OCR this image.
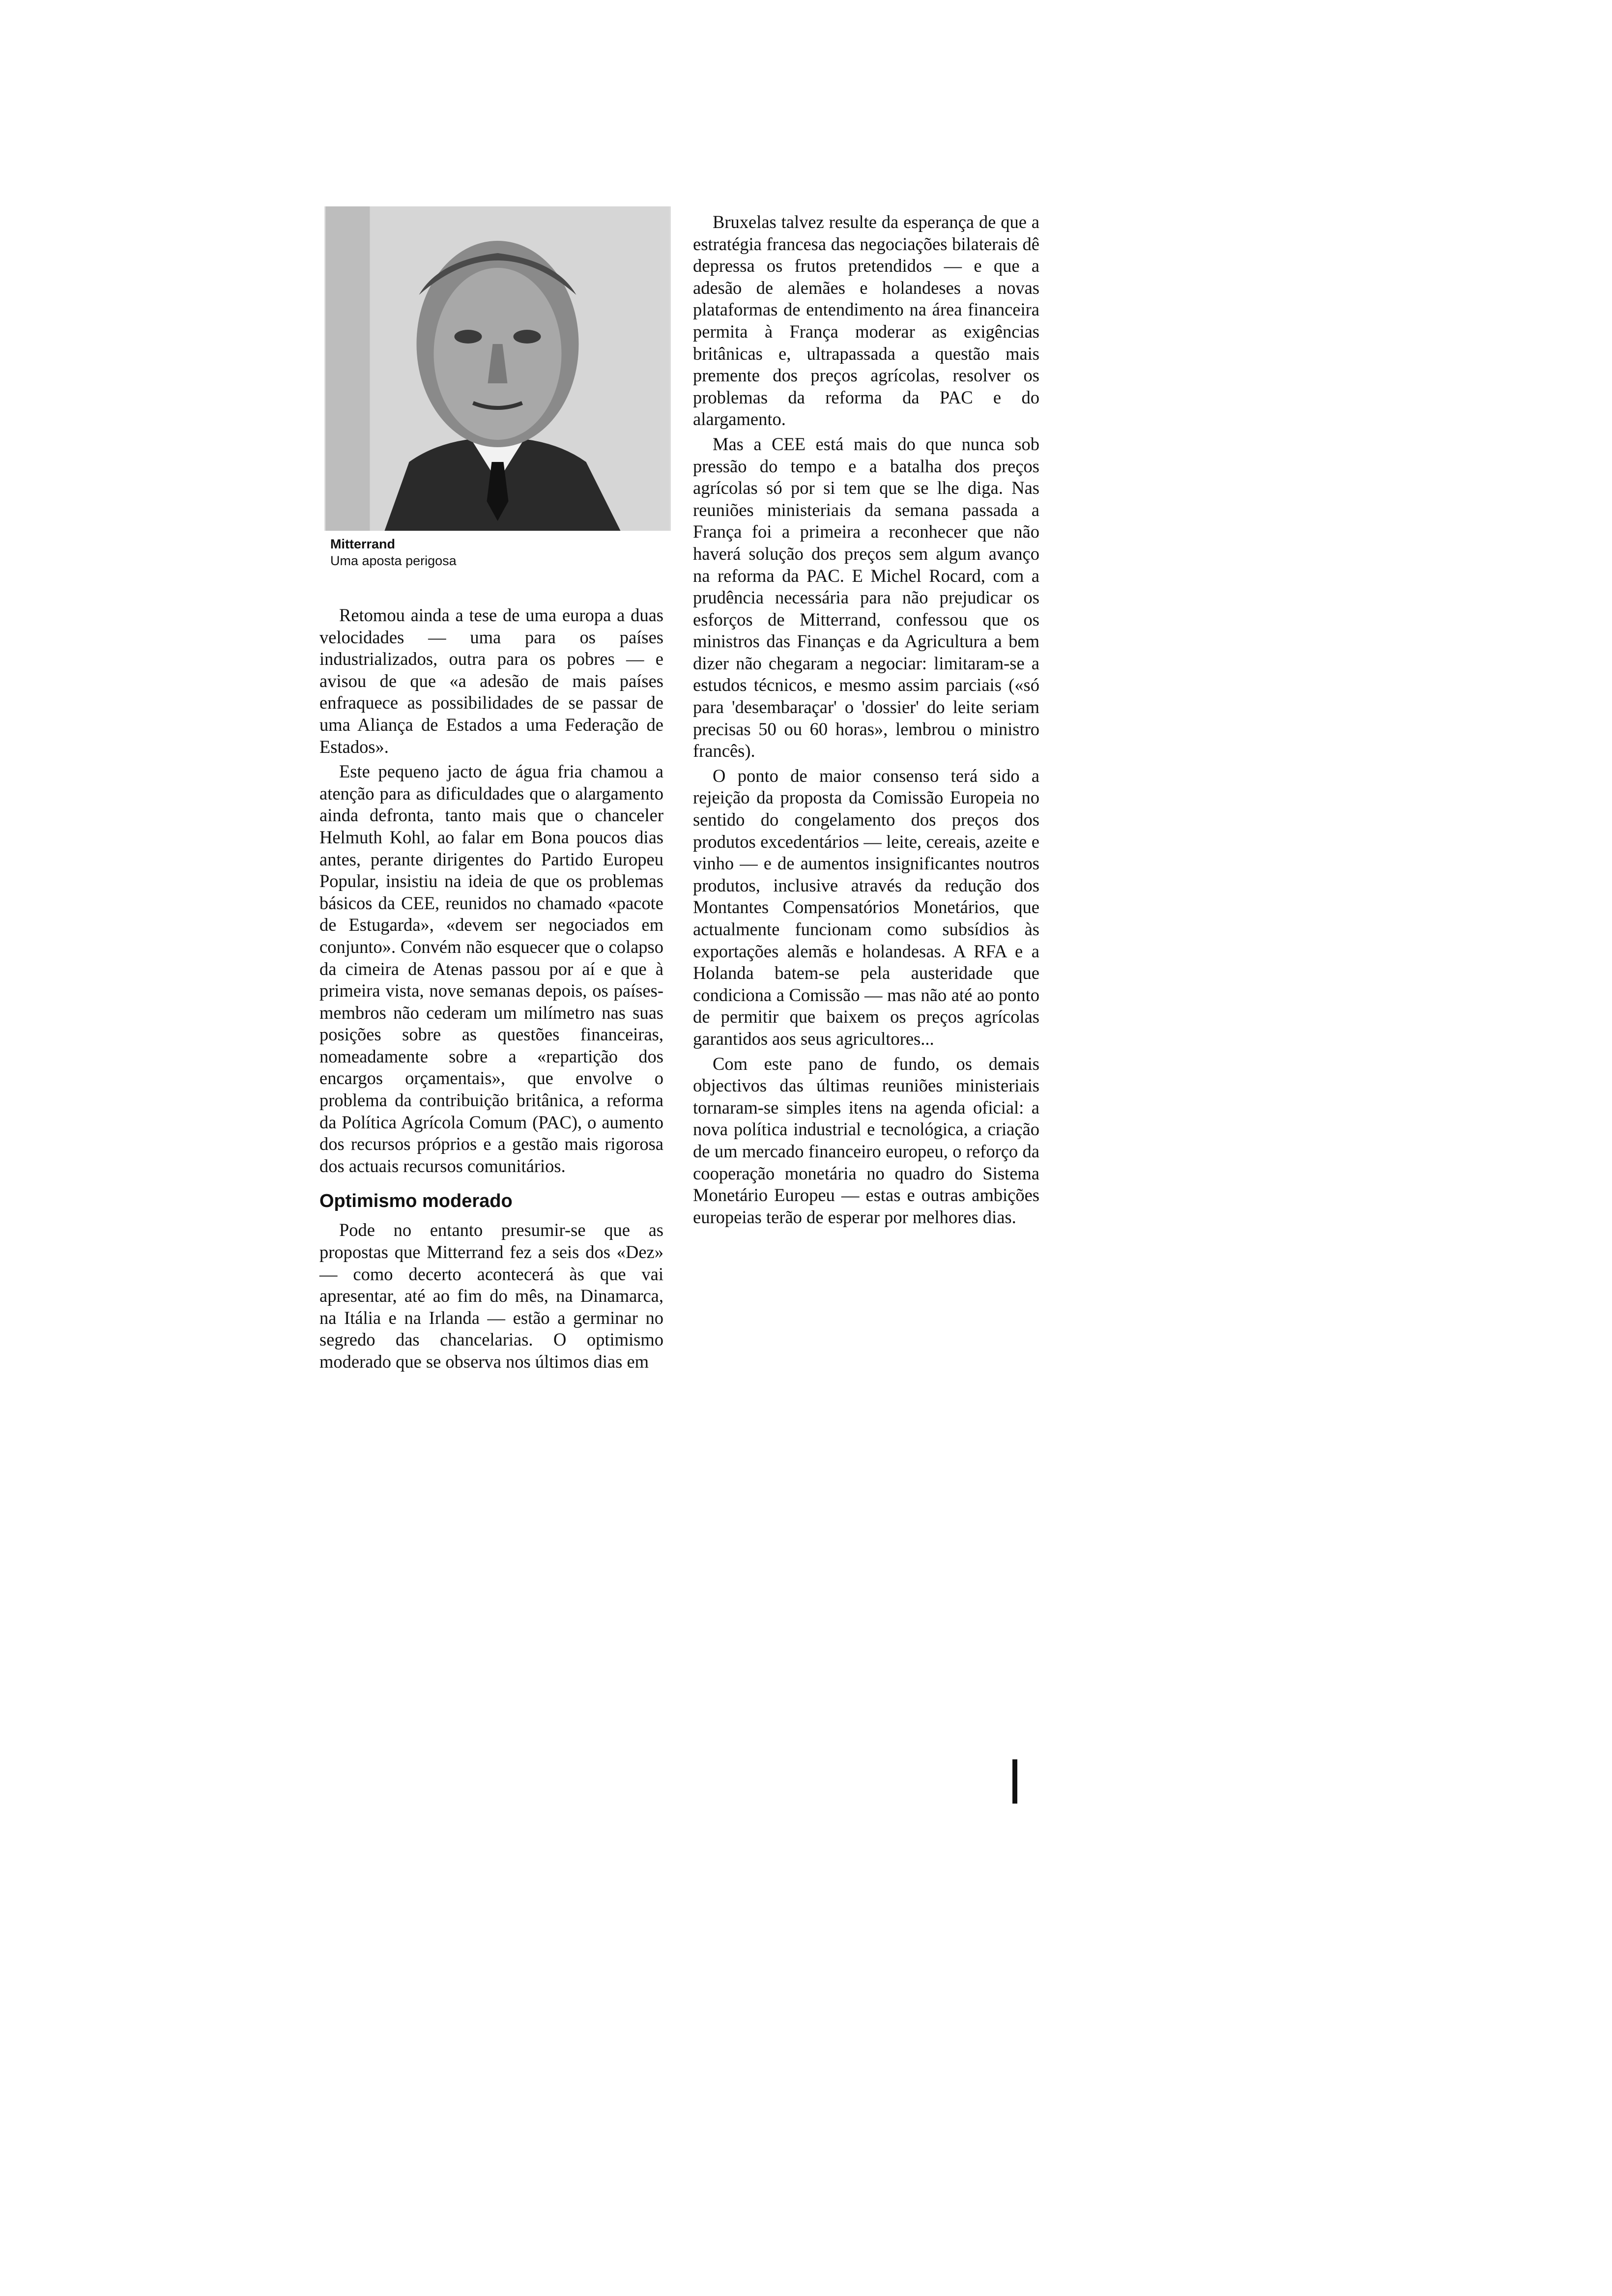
Mitterrand
Uma aposta perigosa

Retomou ainda a tese de uma europa a duas velocidades — uma para os países industrializados, outra para os pobres — e avisou de que «a adesão de mais países enfraquece as possibilidades de se passar de uma Aliança de Estados a uma Federação de Estados».

Este pequeno jacto de água fria chamou a atenção para as dificuldades que o alargamento ainda defronta, tanto mais que o chanceler Helmuth Kohl, ao falar em Bona poucos dias antes, perante dirigentes do Partido Europeu Popular, insistiu na ideia de que os problemas básicos da CEE, reunidos no chamado «pacote de Estugarda», «devem ser negociados em conjunto». Convém não esquecer que o colapso da cimeira de Atenas passou por aí e que à primeira vista, nove semanas depois, os países-membros não cederam um milímetro nas suas posições sobre as questões financeiras, nomeadamente sobre a «repartição dos encargos orçamentais», que envolve o problema da contribuição britânica, a reforma da Política Agrícola Comum (PAC), o aumento dos recursos próprios e a gestão mais rigorosa dos actuais recursos comunitários.

Optimismo moderado

Pode no entanto presumir-se que as propostas que Mitterrand fez a seis dos «Dez» — como decerto acontecerá às que vai apresentar, até ao fim do mês, na Dinamarca, na Itália e na Irlanda — estão a germinar no segredo das chancelarias. O optimismo moderado que se observa nos últimos dias em

Bruxelas talvez resulte da esperança de que a estratégia francesa das negociações bilaterais dê depressa os frutos pretendidos — e que a adesão de alemães e holandeses a novas plataformas de entendimento na área financeira permita à França moderar as exigências britânicas e, ultrapassada a questão mais premente dos preços agrícolas, resolver os problemas da reforma da PAC e do alargamento.

Mas a CEE está mais do que nunca sob pressão do tempo e a batalha dos preços agrícolas só por si tem que se lhe diga. Nas reuniões ministeriais da semana passada a França foi a primeira a reconhecer que não haverá solução dos preços sem algum avanço na reforma da PAC. E Michel Rocard, com a prudência necessária para não prejudicar os esforços de Mitterrand, confessou que os ministros das Finanças e da Agricultura a bem dizer não chegaram a negociar: limitaram-se a estudos técnicos, e mesmo assim parciais («só para 'desembaraçar' o 'dossier' do leite seriam precisas 50 ou 60 horas», lembrou o ministro francês).

O ponto de maior consenso terá sido a rejeição da proposta da Comissão Europeia no sentido do congelamento dos preços dos produtos excedentários — leite, cereais, azeite e vinho — e de aumentos insignificantes noutros produtos, inclusive através da redução dos Montantes Compensatórios Monetários, que actualmente funcionam como subsídios às exportações alemãs e holandesas. A RFA e a Holanda batem-se pela austeridade que condiciona a Comissão — mas não até ao ponto de permitir que baixem os preços agrícolas garantidos aos seus agricultores...

Com este pano de fundo, os demais objectivos das últimas reuniões ministeriais tornaram-se simples itens na agenda oficial: a nova política industrial e tecnológica, a criação de um mercado financeiro europeu, o reforço da cooperação monetária no quadro do Sistema Monetário Europeu — estas e outras ambições europeias terão de esperar por melhores dias.
